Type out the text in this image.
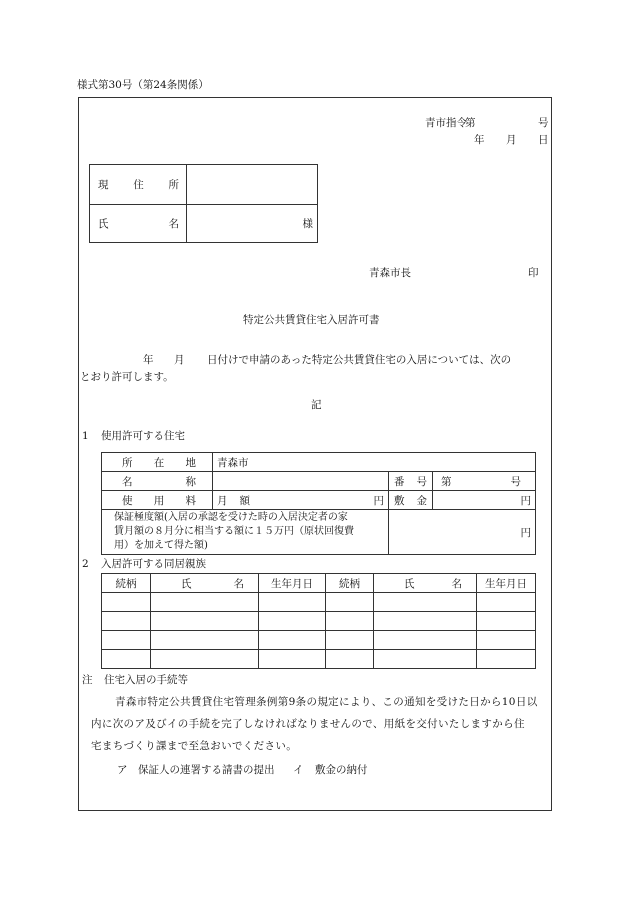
様式第30号（第24条関係）
青市指令
第	号
年 月 日
現 住 所	

氏 名	様
青森市長	印
特定公共賃貸住宅入居許可書
年 月 日付けで申請のあった特定公共賃貸住宅の入居については、次の
とおり許可します。
記
1 使用許可する住宅
所 在 地	青森市		

名 称		番 号	第 号

使 用 料	月 額 円	敷 金	円

保証極度額(入居の承認を受けた時の入居決定者の家
賃月額の８月分に相当する額に１５万円（原状回復費
用）を加えて得た額)		円	
2 入居許可する同居親族
続柄	氏 名	生年月日	続柄	氏 名	生年月日

注 住宅入居の手続等
青森市特定公共賃貸住宅管理条例第9条の規定により、この通知を受けた日から10日以
内に次のア及びイの手続を完了しなければなりませんので、用紙を交付いたしますから住
宅まちづくり課まで至急おいでください。
ア 保証人の連署する請書の提出 イ 敷金の納付
